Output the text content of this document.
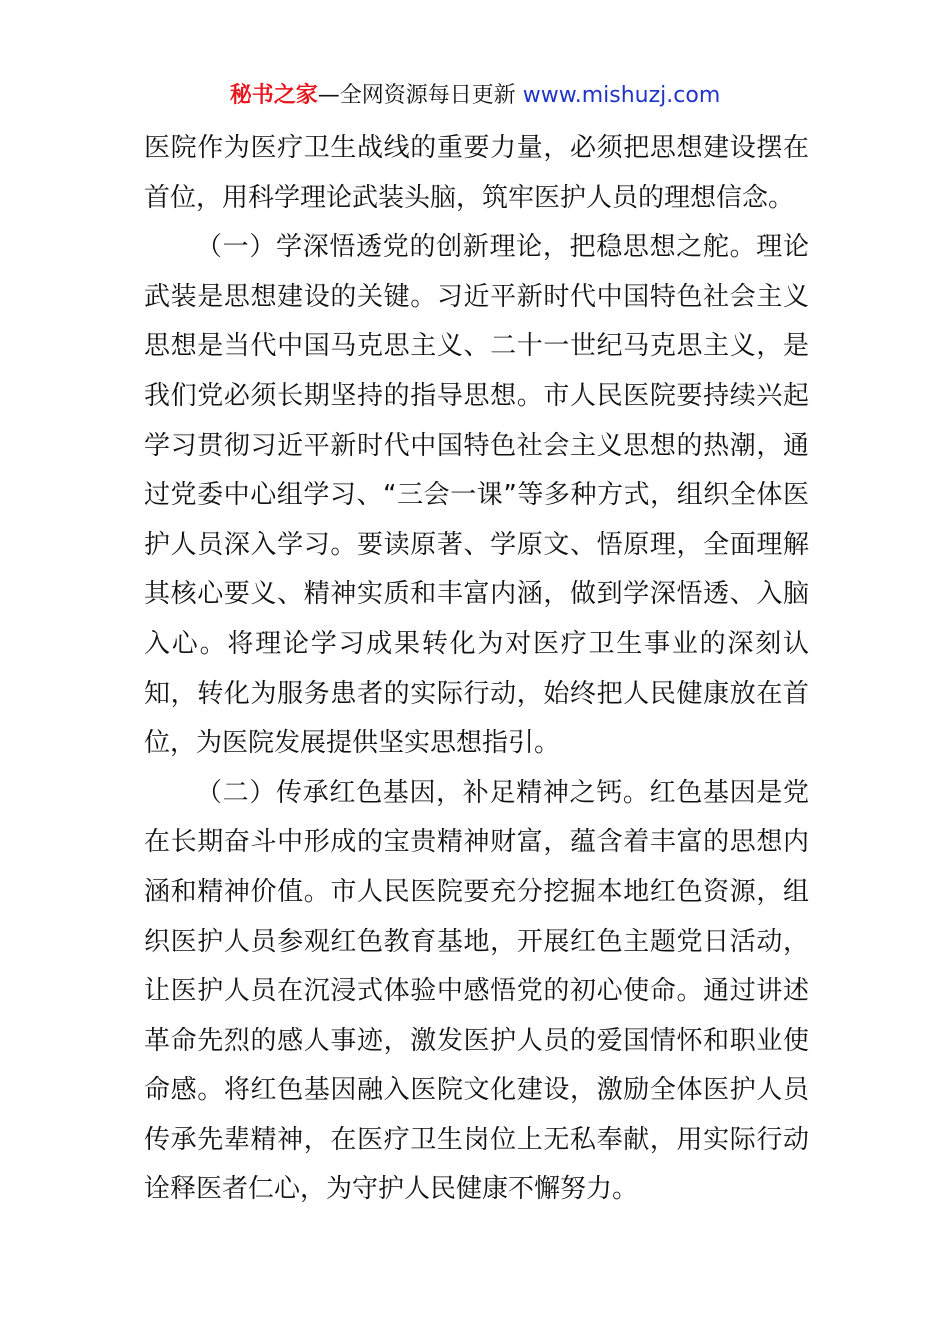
秘书之家—全网资源每日更新 www.mishuzj.com

医院作为医疗卫生战线的重要力量，必须把思想建设摆在首位，用科学理论武装头脑，筑牢医护人员的理想信念。

（一）学深悟透党的创新理论，把稳思想之舵。理论武装是思想建设的关键。习近平新时代中国特色社会主义思想是当代中国马克思主义、二十一世纪马克思主义，是我们党必须长期坚持的指导思想。市人民医院要持续兴起学习贯彻习近平新时代中国特色社会主义思想的热潮，通过党委中心组学习、“三会一课”等多种方式，组织全体医护人员深入学习。要读原著、学原文、悟原理，全面理解其核心要义、精神实质和丰富内涵，做到学深悟透、入脑入心。将理论学习成果转化为对医疗卫生事业的深刻认知，转化为服务患者的实际行动，始终把人民健康放在首位，为医院发展提供坚实思想指引。

（二）传承红色基因，补足精神之钙。红色基因是党在长期奋斗中形成的宝贵精神财富，蕴含着丰富的思想内涵和精神价值。市人民医院要充分挖掘本地红色资源，组织医护人员参观红色教育基地，开展红色主题党日活动，让医护人员在沉浸式体验中感悟党的初心使命。通过讲述革命先烈的感人事迹，激发医护人员的爱国情怀和职业使命感。将红色基因融入医院文化建设，激励全体医护人员传承先辈精神，在医疗卫生岗位上无私奉献，用实际行动诠释医者仁心，为守护人民健康不懈努力。
